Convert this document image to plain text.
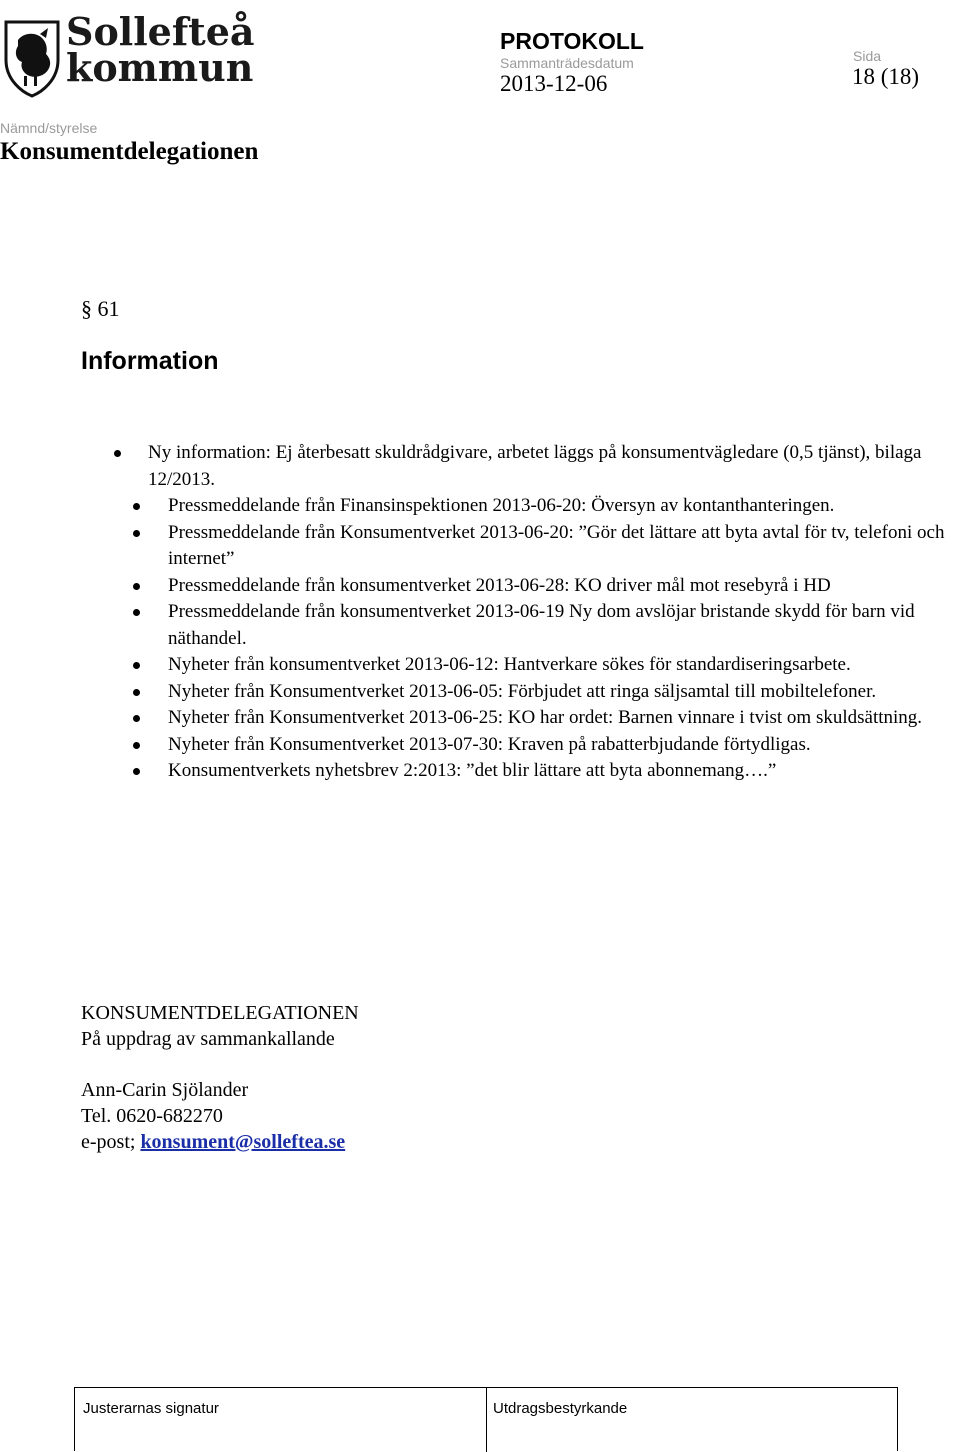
Sollefteå
kommun
PROTOKOLL
Sammanträdesdatum	Sida
2013-12-06	18 (18)
Nämnd/styrelse
Konsumentdelegationen
§ 61
Information
Ny information: Ej återbesatt skuldrådgivare, arbetet läggs på konsumentvägledare (0,5 tjänst), bilaga 12/2013.
Pressmeddelande från Finansinspektionen 2013-06-20: Översyn av kontanthanteringen.
Pressmeddelande från Konsumentverket 2013-06-20: ”Gör det lättare att byta avtal för tv, telefoni och internet”
Pressmeddelande från konsumentverket 2013-06-28: KO driver mål mot resebyrå i HD
Pressmeddelande från konsumentverket 2013-06-19 Ny dom avslöjar bristande skydd för barn vid näthandel.
Nyheter från konsumentverket 2013-06-12: Hantverkare sökes för standardiseringsarbete.
Nyheter från Konsumentverket 2013-06-05: Förbjudet att ringa säljsamtal till mobiltelefoner.
Nyheter från Konsumentverket 2013-06-25: KO har ordet: Barnen vinnare i tvist om skuldsättning.
Nyheter från Konsumentverket 2013-07-30: Kraven på rabatterbjudande förtydligas.
Konsumentverkets nyhetsbrev 2:2013: ”det blir lättare att byta abonnemang….”
KONSUMENTDELEGATIONEN
På uppdrag av sammankallande
Ann-Carin Sjölander
Tel. 0620-682270
e-post; konsument@solleftea.se
Justerarnas signatur	Utdragsbestyrkande
